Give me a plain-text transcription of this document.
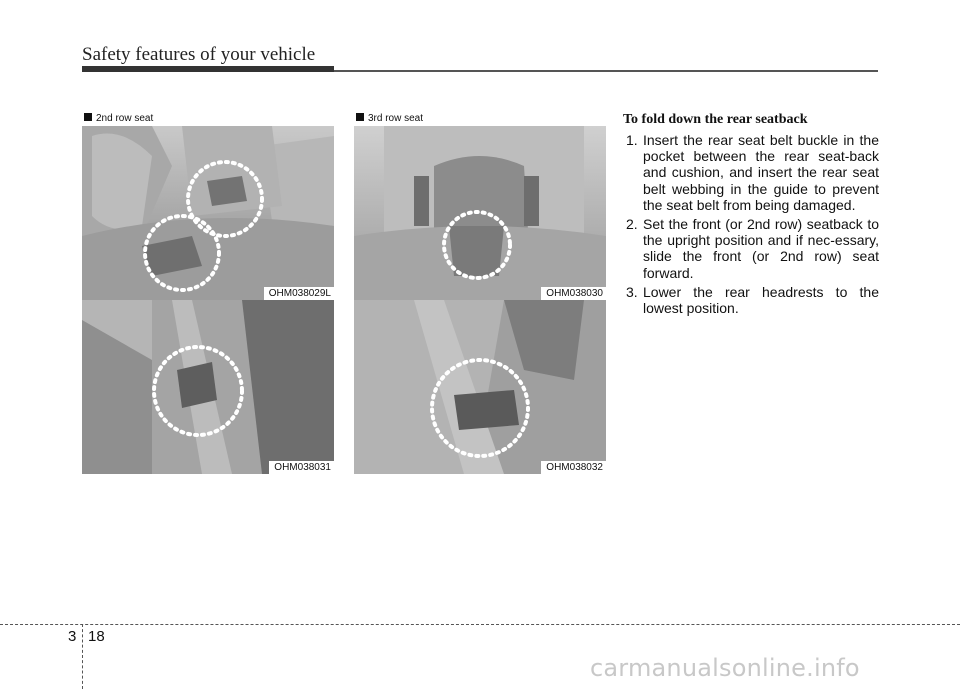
Safety features of your vehicle
2nd row seat	3rd row seat
OHM038029L	OHM038030
OHM038031	OHM038032
To fold down the rear seatback
1. Insert the rear seat belt buckle in the pocket between the rear seat-back and cushion, and insert the rear seat belt webbing in the guide to prevent the seat belt from being damaged.
2. Set the front (or 2nd row) seatback to the upright position and if nec-essary, slide the front (or 2nd row) seat forward.
3. Lower the rear headrests to the lowest position.
3 18
carmanualsonline.info
